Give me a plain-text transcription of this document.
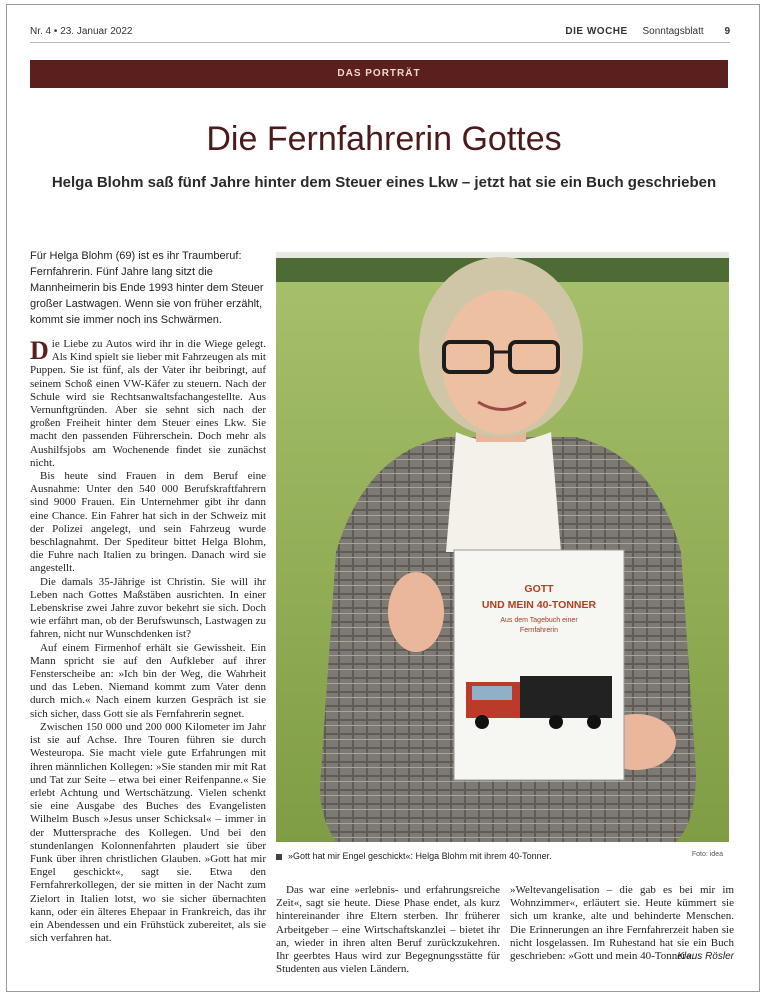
Nr. 4 • 23. Januar 2022	DIE WOCHE Sonntagsblatt 9
DAS PORTRÄT
Die Fernfahrerin Gottes
Helga Blohm saß fünf Jahre hinter dem Steuer eines Lkw – jetzt hat sie ein Buch geschrieben
Für Helga Blohm (69) ist es ihr Traumberuf: Fernfahrerin. Fünf Jahre lang sitzt die Mannheimerin bis Ende 1993 hinter dem Steuer großer Lastwagen. Wenn sie von früher erzählt, kommt sie immer noch ins Schwärmen.

Die Liebe zu Autos wird ihr in die Wiege gelegt. Als Kind spielt sie lieber mit Fahrzeugen als mit Puppen. Sie ist fünf, als der Vater ihr beibringt, auf seinem Schoß einen VW-Käfer zu steuern. Nach der Schule wird sie Rechtsanwaltsfachangestellte. Aus Vernunftgründen. Aber sie sehnt sich nach der großen Freiheit hinter dem Steuer eines Lkw. Sie macht den passenden Führerschein. Doch mehr als Aushilfsjobs am Wochenende findet sie zunächst nicht.

Bis heute sind Frauen in dem Beruf eine Ausnahme: Unter den 540 000 Berufskraftfahrern sind 9000 Frauen. Ein Unternehmer gibt ihr dann eine Chance. Ein Fahrer hat sich in der Schweiz mit der Polizei angelegt, und sein Fahrzeug wurde beschlagnahmt. Der Spediteur bittet Helga Blohm, die Fuhre nach Italien zu bringen. Danach wird sie angestellt.

Die damals 35-Jährige ist Christin. Sie will ihr Leben nach Gottes Maßstäben ausrichten. In einer Lebenskrise zwei Jahre zuvor bekehrt sie sich. Doch wie erfährt man, ob der Berufswunsch, Lastwagen zu fahren, nicht nur Wunschdenken ist?

Auf einem Firmenhof erhält sie Gewissheit. Ein Mann spricht sie auf den Aufkleber auf ihrer Fensterscheibe an: »Ich bin der Weg, die Wahrheit und das Leben. Niemand kommt zum Vater denn durch mich.« Nach einem kurzen Gespräch ist sie sich sicher, dass Gott sie als Fernfahrerin segnet.

Zwischen 150 000 und 200 000 Kilometer im Jahr ist sie auf Achse. Ihre Touren führen sie durch Westeuropa. Sie macht viele gute Erfahrungen mit ihren männlichen Kollegen: »Sie standen mir mit Rat und Tat zur Seite – etwa bei einer Reifenpanne.« Sie erlebt Achtung und Wertschätzung. Vielen schenkt sie eine Ausgabe des Buches des Evangelisten Wilhelm Busch »Jesus unser Schicksal« – immer in der Muttersprache des Kollegen. Und bei den stundenlangen Kolonnenfahrten plaudert sie über Funk über ihren christlichen Glauben. »Gott hat mir Engel geschickt«, sagt sie. Etwa den Fernfahrerkollegen, der sie mitten in der Nacht zum Zielort in Italien lotst, wo sie sicher übernachten kann, oder ein älteres Ehepaar in Frankreich, das ihr ein Abendessen und ein Frühstück zubereitet, als sie sich verfahren hat.

GOTT
UND MEIN 40-TONNER
Aus dem Tagebuch einer
Fernfahrerin
»Gott hat mir Engel geschickt«: Helga Blohm mit ihrem 40-Tonner.	Foto: idea

Das war eine »erlebnis- und erfahrungsreiche Zeit«, sagt sie heute. Diese Phase endet, als kurz hintereinander ihre Eltern sterben. Ihr früherer Arbeitgeber – eine Wirtschaftskanzlei – bietet ihr an, wieder in ihren alten Beruf zurückzukehren. Ihr geerbtes Haus wird zur Begegnungsstätte für Studenten aus vielen Ländern.

»Weltevangelisation – die gab es bei mir im Wohnzimmer«, erläutert sie. Heute kümmert sie sich um kranke, alte und behinderte Menschen. Die Erinnerungen an ihre Fernfahrerzeit haben sie nicht losgelassen. Im Ruhestand hat sie ein Buch geschrieben: »Gott und mein 40-Tonner«.

Klaus Rösler
